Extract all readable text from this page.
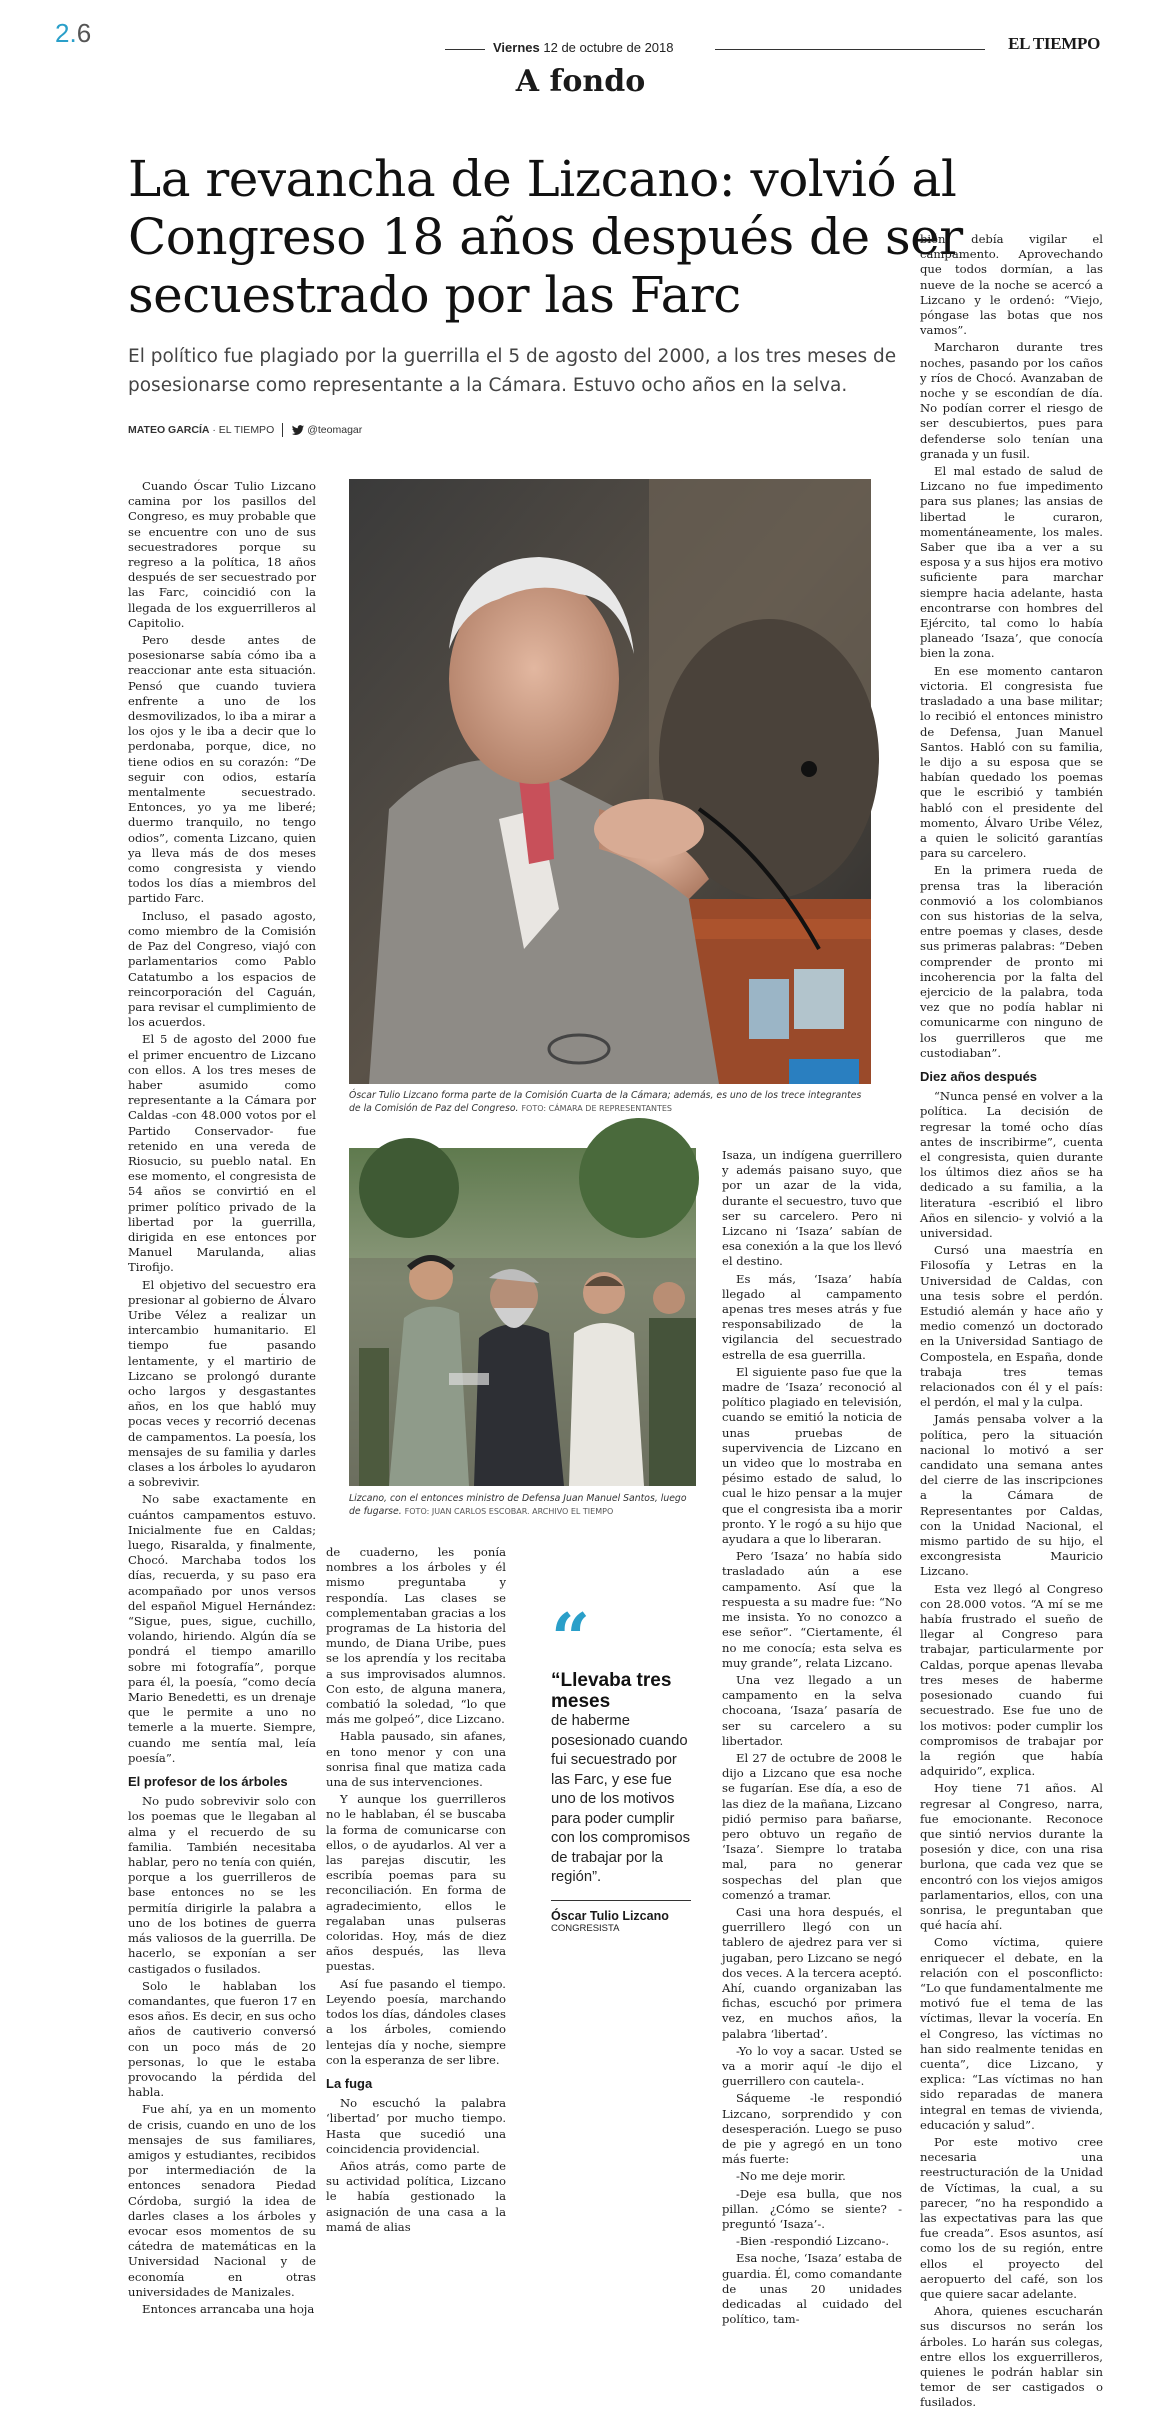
2.6	Viernes 12 de octubre de 2018	EL TIEMPO
A fondo
La revancha de Lizcano: volvió al Congreso 18 años después de ser secuestrado por las Farc
El político fue plagiado por la guerrilla el 5 de agosto del 2000, a los tres meses de posesionarse como representante a la Cámara. Estuvo ocho años en la selva.
MATEO GARCÍA · EL TIEMPO	@teomagar
Óscar Tulio Lizcano forma parte de la Comisión Cuarta de la Cámara; además, es uno de los trece integrantes de la Comisión de Paz del Congreso. FOTO: CÁMARA DE REPRESENTANTES
Lizcano, con el entonces ministro de Defensa Juan Manuel Santos, luego de fugarse. FOTO: JUAN CARLOS ESCOBAR. ARCHIVO EL TIEMPO

Cuando Óscar Tulio Lizcano camina por los pasillos del Congreso, es muy probable que se encuentre con uno de sus secuestradores porque su regreso a la política, 18 años después de ser secuestrado por las Farc, coincidió con la llegada de los exguerrilleros al Capitolio.

Pero desde antes de posesionarse sabía cómo iba a reaccionar ante esta situación. Pensó que cuando tuviera enfrente a uno de los desmovilizados, lo iba a mirar a los ojos y le iba a decir que lo perdonaba, porque, dice, no tiene odios en su corazón: “De seguir con odios, estaría mentalmente secuestrado. Entonces, yo ya me liberé; duermo tranquilo, no tengo odios”, comenta Lizcano, quien ya lleva más de dos meses como congresista y viendo todos los días a miembros del partido Farc.

Incluso, el pasado agosto, como miembro de la Comisión de Paz del Congreso, viajó con parlamentarios como Pablo Catatumbo a los espacios de reincorporación del Caguán, para revisar el cumplimiento de los acuerdos.

El 5 de agosto del 2000 fue el primer encuentro de Lizcano con ellos. A los tres meses de haber asumido como representante a la Cámara por Caldas -con 48.000 votos por el Partido Conservador- fue retenido en una vereda de Riosucio, su pueblo natal. En ese momento, el congresista de 54 años se convirtió en el primer político privado de la libertad por la guerrilla, dirigida en ese entonces por Manuel Marulanda, alias Tirofijo.

El objetivo del secuestro era presionar al gobierno de Álvaro Uribe Vélez a realizar un intercambio humanitario. El tiempo fue pasando lentamente, y el martirio de Lizcano se prolongó durante ocho largos y desgastantes años, en los que habló muy pocas veces y recorrió decenas de campamentos. La poesía, los mensajes de su familia y darles clases a los árboles lo ayudaron a sobrevivir.

No sabe exactamente en cuántos campamentos estuvo. Inicialmente fue en Caldas; luego, Risaralda, y finalmente, Chocó. Marchaba todos los días, recuerda, y su paso era acompañado por unos versos del español Miguel Hernández: “Sigue, pues, sigue, cuchillo, volando, hiriendo. Algún día se pondrá el tiempo amarillo sobre mi fotografía”, porque para él, la poesía, “como decía Mario Benedetti, es un drenaje que le permite a uno no temerle a la muerte. Siempre, cuando me sentía mal, leía poesía”.

El profesor de los árboles

No pudo sobrevivir solo con los poemas que le llegaban al alma y el recuerdo de su familia. También necesitaba hablar, pero no tenía con quién, porque a los guerrilleros de base entonces no se les permitía dirigirle la palabra a uno de los botines de guerra más valiosos de la guerrilla. De hacerlo, se exponían a ser castigados o fusilados.

Solo le hablaban los comandantes, que fueron 17 en esos años. Es decir, en sus ocho años de cautiverio conversó con un poco más de 20 personas, lo que le estaba provocando la pérdida del habla.

Fue ahí, ya en un momento de crisis, cuando en uno de los mensajes de sus familiares, amigos y estudiantes, recibidos por intermediación de la entonces senadora Piedad Córdoba, surgió la idea de darles clases a los árboles y evocar esos momentos de su cátedra de matemáticas en la Universidad Nacional y de economía en otras universidades de Manizales.

Entonces arrancaba una hoja

de cuaderno, les ponía nombres a los árboles y él mismo preguntaba y respondía. Las clases se complementaban gracias a los programas de La historia del mundo, de Diana Uribe, pues se los aprendía y los recitaba a sus improvisados alumnos. Con esto, de alguna manera, combatió la soledad, “lo que más me golpeó”, dice Lizcano.

Habla pausado, sin afanes, en tono menor y con una sonrisa final que matiza cada una de sus intervenciones.

Y aunque los guerrilleros no le hablaban, él se buscaba la forma de comunicarse con ellos, o de ayudarlos. Al ver a las parejas discutir, les escribía poemas para su reconciliación. En forma de agradecimiento, ellos le regalaban unas pulseras coloridas. Hoy, más de diez años después, las lleva puestas.

Así fue pasando el tiempo. Leyendo poesía, marchando todos los días, dándoles clases a los árboles, comiendo lentejas día y noche, siempre con la esperanza de ser libre.

La fuga

No escuchó la palabra ‘libertad’ por mucho tiempo. Hasta que sucedió una coincidencia providencial.

Años atrás, como parte de su actividad política, Lizcano le había gestionado la asignación de una casa a la mamá de alias

“
“Llevaba tres meses
de haberme posesionado cuando fui secuestrado por las Farc, y ese fue uno de los motivos para poder cumplir con los compromisos de trabajar por la región”.
Óscar Tulio Lizcano
CONGRESISTA

Isaza, un indígena guerrillero y además paisano suyo, que por un azar de la vida, durante el secuestro, tuvo que ser su carcelero. Pero ni Lizcano ni ‘Isaza’ sabían de esa conexión a la que los llevó el destino.

Es más, ‘Isaza’ había llegado al campamento apenas tres meses atrás y fue responsabilizado de la vigilancia del secuestrado estrella de esa guerrilla.

El siguiente paso fue que la madre de ‘Isaza’ reconoció al político plagiado en televisión, cuando se emitió la noticia de unas pruebas de supervivencia de Lizcano en un video que lo mostraba en pésimo estado de salud, lo cual le hizo pensar a la mujer que el congresista iba a morir pronto. Y le rogó a su hijo que ayudara a que lo liberaran.

Pero ‘Isaza’ no había sido trasladado aún a ese campamento. Así que la respuesta a su madre fue: “No me insista. Yo no conozco a ese señor”. “Ciertamente, él no me conocía; esta selva es muy grande”, relata Lizcano.

Una vez llegado a un campamento en la selva chocoana, ‘Isaza’ pasaría de ser su carcelero a su libertador.

El 27 de octubre de 2008 le dijo a Lizcano que esa noche se fugarían. Ese día, a eso de las diez de la mañana, Lizcano pidió permiso para bañarse, pero obtuvo un regaño de ‘Isaza’. Siempre lo trataba mal, para no generar sospechas del plan que comenzó a tramar.

Casi una hora después, el guerrillero llegó con un tablero de ajedrez para ver si jugaban, pero Lizcano se negó dos veces. A la tercera aceptó. Ahí, cuando organizaban las fichas, escuchó por primera vez, en muchos años, la palabra ‘libertad’.

-Yo lo voy a sacar. Usted se va a morir aquí -le dijo el guerrillero con cautela-.

Sáqueme -le respondió Lizcano, sorprendido y con desesperación. Luego se puso de pie y agregó en un tono más fuerte:

-No me deje morir.

-Deje esa bulla, que nos pillan. ¿Cómo se siente? -preguntó ‘Isaza’-.

-Bien -respondió Lizcano-.

Esa noche, ‘Isaza’ estaba de guardia. Él, como comandante de unas 20 unidades dedicadas al cuidado del político, tam-

bién debía vigilar el campamento. Aprovechando que todos dormían, a las nueve de la noche se acercó a Lizcano y le ordenó: “Viejo, póngase las botas que nos vamos”.

Marcharon durante tres noches, pasando por los caños y ríos de Chocó. Avanzaban de noche y se escondían de día. No podían correr el riesgo de ser descubiertos, pues para defenderse solo tenían una granada y un fusil.

El mal estado de salud de Lizcano no fue impedimento para sus planes; las ansias de libertad le curaron, momentáneamente, los males. Saber que iba a ver a su esposa y a sus hijos era motivo suficiente para marchar siempre hacia adelante, hasta encontrarse con hombres del Ejército, tal como lo había planeado ‘Isaza’, que conocía bien la zona.

En ese momento cantaron victoria. El congresista fue trasladado a una base militar; lo recibió el entonces ministro de Defensa, Juan Manuel Santos. Habló con su familia, le dijo a su esposa que se habían quedado los poemas que le escribió y también habló con el presidente del momento, Álvaro Uribe Vélez, a quien le solicitó garantías para su carcelero.

En la primera rueda de prensa tras la liberación conmovió a los colombianos con sus historias de la selva, entre poemas y clases, desde sus primeras palabras: “Deben comprender de pronto mi incoherencia por la falta del ejercicio de la palabra, toda vez que no podía hablar ni comunicarme con ninguno de los guerrilleros que me custodiaban”.

Diez años después

“Nunca pensé en volver a la política. La decisión de regresar la tomé ocho días antes de inscribirme”, cuenta el congresista, quien durante los últimos diez años se ha dedicado a su familia, a la literatura -escribió el libro Años en silencio- y volvió a la universidad.

Cursó una maestría en Filosofía y Letras en la Universidad de Caldas, con una tesis sobre el perdón. Estudió alemán y hace año y medio comenzó un doctorado en la Universidad Santiago de Compostela, en España, donde trabaja tres temas relacionados con él y el país: el perdón, el mal y la culpa.

Jamás pensaba volver a la política, pero la situación nacional lo motivó a ser candidato una semana antes del cierre de las inscripciones a la Cámara de Representantes por Caldas, con la Unidad Nacional, el mismo partido de su hijo, el excongresista Mauricio Lizcano.

Esta vez llegó al Congreso con 28.000 votos. “A mí se me había frustrado el sueño de llegar al Congreso para trabajar, particularmente por Caldas, porque apenas llevaba tres meses de haberme posesionado cuando fui secuestrado. Ese fue uno de los motivos: poder cumplir los compromisos de trabajar por la región que había adquirido”, explica.

Hoy tiene 71 años. Al regresar al Congreso, narra, fue emocionante. Reconoce que sintió nervios durante la posesión y dice, con una risa burlona, que cada vez que se encontró con los viejos amigos parlamentarios, ellos, con una sonrisa, le preguntaban que qué hacía ahí.

Como víctima, quiere enriquecer el debate, en la relación con el posconflicto: “Lo que fundamentalmente me motivó fue el tema de las víctimas, llevar la vocería. En el Congreso, las víctimas no han sido realmente tenidas en cuenta”, dice Lizcano, y explica: “Las víctimas no han sido reparadas de manera integral en temas de vivienda, educación y salud”.

Por este motivo cree necesaria una reestructuración de la Unidad de Víctimas, la cual, a su parecer, “no ha respondido a las expectativas para las que fue creada”. Esos asuntos, así como los de su región, entre ellos el proyecto del aeropuerto del café, son los que quiere sacar adelante.

Ahora, quienes escucharán sus discursos no serán los árboles. Lo harán sus colegas, entre ellos los exguerrilleros, quienes le podrán hablar sin temor de ser castigados o fusilados.
